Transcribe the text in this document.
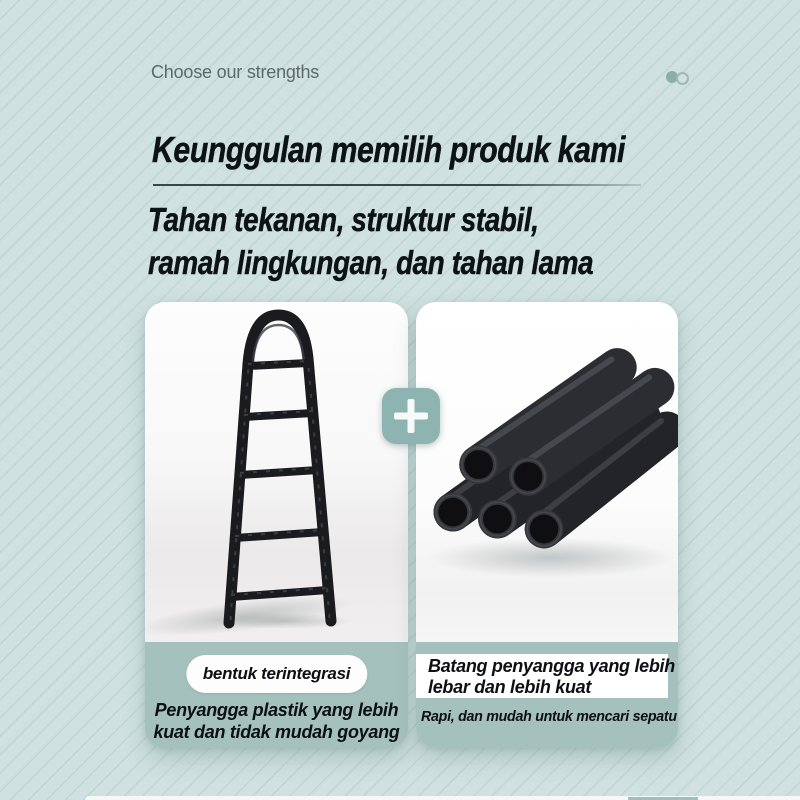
Choose our strengths
Keunggulan memilih produk kami
Tahan tekanan, struktur stabil,
ramah lingkungan, dan tahan lama
bentuk terintegrasi
Penyangga plastik yang lebih
kuat dan tidak mudah goyang
Batang penyangga yang lebih
lebar dan lebih kuat
Rapi, dan mudah untuk mencari sepatu
